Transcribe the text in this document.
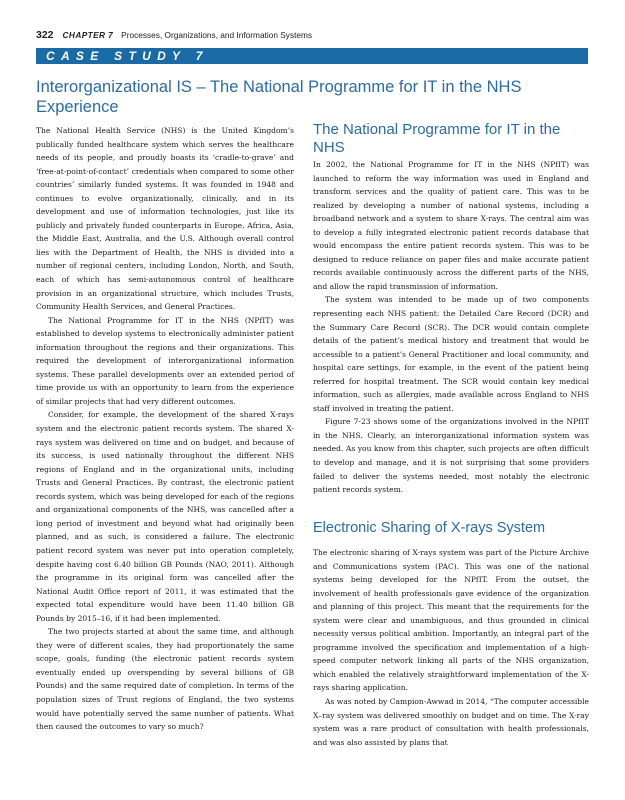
322 CHAPTER 7 Processes, Organizations, and Information Systems
CASE STUDY 7
Interorganizational IS – The National Programme for IT in the NHS Experience

The National Health Service (NHS) is the United Kingdom’s publically funded healthcare system which serves the healthcare needs of its people, and proudly boasts its ‘cradle-to-grave’ and ‘free-at-point-of-contact’ credentials when compared to some other countries’ similarly funded systems. It was founded in 1948 and continues to evolve organizationally, clinically, and in its development and use of information technologies, just like its publicly and privately funded counterparts in Europe, Africa, Asia, the Middle East, Australia, and the U.S. Although overall control lies with the Department of Health, the NHS is divided into a number of regional centers, including London, North, and South, each of which has semi-autonomous control of healthcare provision in an organizational structure, which includes Trusts, Community Health Services, and General Practices.

The National Programme for IT in the NHS (NPfIT) was established to develop systems to electronically administer patient information throughout the regions and their organizations. This required the development of interorganizational information systems. These parallel developments over an extended period of time provide us with an opportunity to learn from the experience of similar projects that had very different outcomes.

Consider, for example, the development of the shared X-rays system and the electronic patient records system. The shared X-rays system was delivered on time and on budget, and because of its success, is used nationally throughout the different NHS regions of England and in the organizational units, including Trusts and General Practices. By contrast, the electronic patient records system, which was being developed for each of the regions and organizational components of the NHS, was cancelled after a long period of investment and beyond what had originally been planned, and as such, is considered a failure. The electronic patient record system was never put into operation completely, despite having cost 6.40 billion GB Pounds (NAO, 2011). Although the programme in its original form was cancelled after the National Audit Office report of 2011, it was estimated that the expected total expenditure would have been 11.40 billion GB Pounds by 2015–16, if it had been implemented.

The two projects started at about the same time, and although they were of different scales, they had proportionately the same scope, goals, funding (the electronic patient records system eventually ended up overspending by several billions of GB Pounds) and the same required date of completion. In terms of the population sizes of Trust regions of England, the two systems would have potentially served the same number of patients. What then caused the outcomes to vary so much?

The National Programme for IT in the NHS

In 2002, the National Programme for IT in the NHS (NPfIT) was launched to reform the way information was used in England and transform services and the quality of patient care. This was to be realized by developing a number of national systems, including a broadband network and a system to share X-rays. The central aim was to develop a fully integrated electronic patient records database that would encompass the entire patient records system. This was to be designed to reduce reliance on paper files and make accurate patient records available continuously across the different parts of the NHS, and allow the rapid transmission of information.

The system was intended to be made up of two components representing each NHS patient: the Detailed Care Record (DCR) and the Summary Care Record (SCR). The DCR would contain complete details of the patient’s medical history and treatment that would be accessible to a patient’s General Practitioner and local community, and hospital care settings, for example, in the event of the patient being referred for hospital treatment. The SCR would contain key medical information, such as allergies, made available across England to NHS staff involved in treating the patient.

Figure 7-23 shows some of the organizations involved in the NPfIT in the NHS. Clearly, an interorganizational information system was needed. As you know from this chapter, such projects are often difficult to develop and manage, and it is not surprising that some providers failed to deliver the systems needed, most notably the electronic patient records system.

Electronic Sharing of X-rays System

The electronic sharing of X-rays system was part of the Picture Archive and Communications system (PAC). This was one of the national systems being developed for the NPfIT. From the outset, the involvement of health professionals gave evidence of the organization and planning of this project. This meant that the requirements for the system were clear and unambiguous, and thus grounded in clinical necessity versus political ambition. Importantly, an integral part of the programme involved the specification and implementation of a high-speed computer network linking all parts of the NHS organization, which enabled the relatively straightforward implementation of the X-rays sharing application.

As was noted by Campion-Awwad in 2014, “The computer accessible X–ray system was delivered smoothly on budget and on time. The X-ray system was a rare product of consultation with health professionals, and was also assisted by plans that
